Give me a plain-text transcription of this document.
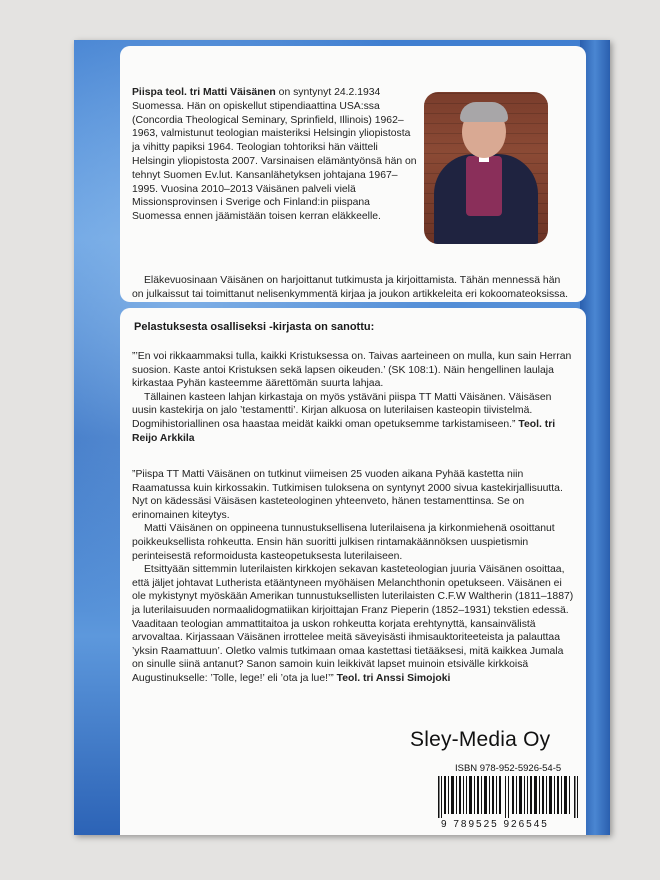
Piispa teol. tri Matti Väisänen on syntynyt 24.2.1934 Suomessa. Hän on opiskellut stipendiaattina USA:ssa (Concordia Theological Seminary, Sprinfield, Illinois) 1962–1963, valmistunut teologian maisteriksi Helsingin yliopistosta ja vihitty papiksi 1964. Teologian tohtoriksi hän väitteli Helsingin yliopistosta 2007. Varsinaisen elämäntyönsä hän on tehnyt Suomen Ev.lut. Kansanlähetyksen johtajana 1967–1995. Vuosina 2010–2013 Väisänen palveli vielä Missionsprovinsen i Sverige och Finland:in piispana Suomessa ennen jäämistään toisen kerran eläkkeelle.
Eläkevuosinaan Väisänen on harjoittanut tutkimusta ja kirjoittamista. Tähän mennessä hän on julkaissut tai toimittanut nelisenkymmentä kirjaa ja joukon artikkeleita eri kokoomateoksissa.
Pelastuksesta osalliseksi -kirjasta on sanottu:

”’En voi rikkaammaksi tulla, kaikki Kristuksessa on. Taivas aarteineen on mulla, kun sain Herran suosion. Kaste antoi Kristuksen sekä lapsen oikeuden.’ (SK 108:1). Näin hengellinen laulaja kirkastaa Pyhän kasteemme äärettömän suurta lahjaa.

Tällainen kasteen lahjan kirkastaja on myös ystäväni piispa TT Matti Väisänen. Väisäsen uusin kastekirja on jalo ’testamentti’. Kirjan alkuosa on luterilaisen kasteopin tiivistelmä. Dogmihistoriallinen osa haastaa meidät kaikki oman opetuksemme tarkistamiseen.” Teol. tri Reijo Arkkila

”Piispa TT Matti Väisänen on tutkinut viimeisen 25 vuoden aikana Pyhää kastetta niin Raamatussa kuin kirkossakin. Tutkimisen tuloksena on syntynyt 2000 sivua kastekirjallisuutta. Nyt on kädessäsi Väisäsen kasteteologinen yhteenveto, hänen testamenttinsa. Se on erinomainen kiteytys.

Matti Väisänen on oppineena tunnustuksellisena luterilaisena ja kirkonmiehenä osoittanut poikkeuksellista rohkeutta. Ensin hän suoritti julkisen rintamakäännöksen uuspietismin perinteisestä reformoidusta kasteopetuksesta luterilaiseen.

Etsittyään sittemmin luterilaisten kirkkojen sekavan kasteteologian juuria Väisänen osoittaa, että jäljet johtavat Lutherista etääntyneen myöhäisen Melanchthonin opetukseen. Väisänen ei ole mykistynyt myöskään Amerikan tunnustuksellisten luterilaisten C.F.W Waltherin (1811–1887) ja luterilaisuuden normaalidogmatiikan kirjoittajan Franz Pieperin (1852–1931) tekstien edessä. Vaaditaan teologian ammattitaitoa ja uskon rohkeutta korjata erehtynyttä, kansainvälistä arvovaltaa. Kirjassaan Väisänen irrottelee meitä säveyisästi ihmisauktoriteeteista ja palauttaa ’yksin Raamattuun’. Oletko valmis tutkimaan omaa kastettasi tietääksesi, mitä kaikkea Jumala on sinulle siinä antanut? Sanon samoin kuin leikkivät lapset muinoin etsivälle kirkkoisä Augustinukselle: ’Tolle, lege!’ eli ’ota ja lue!’” Teol. tri Anssi Simojoki

Sley-Media Oy
ISBN 978-952-5926-54-5
9 789525 926545
